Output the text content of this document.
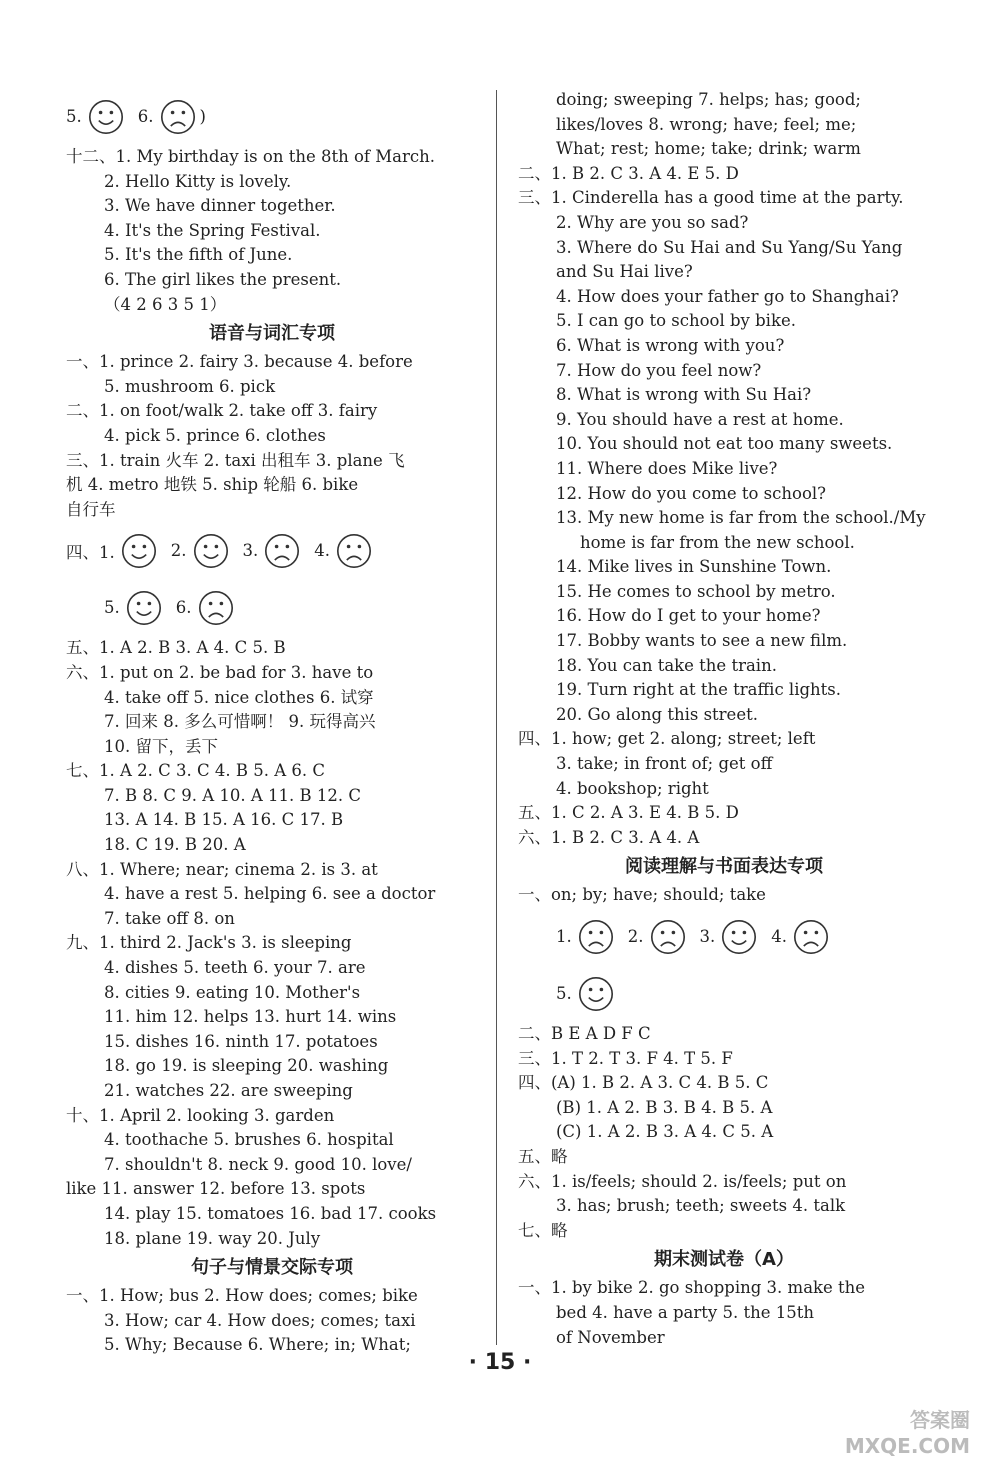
5.	6.	)
十二、1. My birthday is on the 8th of March.
2. Hello Kitty is lovely.
3. We have dinner together.
4. It's the Spring Festival.
5. It's the fifth of June.
6. The girl likes the present.
（4 2 6 3 5 1）
语音与词汇专项
一、1. prince 2. fairy 3. because 4. before
5. mushroom 6. pick
二、1. on foot/walk 2. take off 3. fairy
4. pick 5. prince 6. clothes
三、1. train 火车 2. taxi 出租车 3. plane 飞
机 4. metro 地铁 5. ship 轮船 6. bike
自行车
四、1.	2.	3.	4.
5.	6.
五、1. A 2. B 3. A 4. C 5. B
六、1. put on 2. be bad for 3. have to
4. take off 5. nice clothes 6. 试穿
7. 回来 8. 多么可惜啊！ 9. 玩得高兴
10. 留下，丢下
七、1. A 2. C 3. C 4. B 5. A 6. C
7. B 8. C 9. A 10. A 11. B 12. C
13. A 14. B 15. A 16. C 17. B
18. C 19. B 20. A
八、1. Where; near; cinema 2. is 3. at
4. have a rest 5. helping 6. see a doctor
7. take off 8. on
九、1. third 2. Jack's 3. is sleeping
4. dishes 5. teeth 6. your 7. are
8. cities 9. eating 10. Mother's
11. him 12. helps 13. hurt 14. wins
15. dishes 16. ninth 17. potatoes
18. go 19. is sleeping 20. washing
21. watches 22. are sweeping
十、1. April 2. looking 3. garden
4. toothache 5. brushes 6. hospital
7. shouldn't 8. neck 9. good 10. love/
like 11. answer 12. before 13. spots
14. play 15. tomatoes 16. bad 17. cooks
18. plane 19. way 20. July
句子与情景交际专项
一、1. How; bus 2. How does; comes; bike
3. How; car 4. How does; comes; taxi
5. Why; Because 6. Where; in; What;
doing; sweeping 7. helps; has; good;
likes/loves 8. wrong; have; feel; me;
What; rest; home; take; drink; warm
二、1. B 2. C 3. A 4. E 5. D
三、1. Cinderella has a good time at the party.
2. Why are you so sad?
3. Where do Su Hai and Su Yang/Su Yang
and Su Hai live?
4. How does your father go to Shanghai?
5. I can go to school by bike.
6. What is wrong with you?
7. How do you feel now?
8. What is wrong with Su Hai?
9. You should have a rest at home.
10. You should not eat too many sweets.
11. Where does Mike live?
12. How do you come to school?
13. My new home is far from the school./My
home is far from the new school.
14. Mike lives in Sunshine Town.
15. He comes to school by metro.
16. How do I get to your home?
17. Bobby wants to see a new film.
18. You can take the train.
19. Turn right at the traffic lights.
20. Go along this street.
四、1. how; get 2. along; street; left
3. take; in front of; get off
4. bookshop; right
五、1. C 2. A 3. E 4. B 5. D
六、1. B 2. C 3. A 4. A
阅读理解与书面表达专项
一、on; by; have; should; take
1.	2.	3.	4.
5.
二、B E A D F C
三、1. T 2. T 3. F 4. T 5. F
四、(A) 1. B 2. A 3. C 4. B 5. C
(B) 1. A 2. B 3. B 4. B 5. A
(C) 1. A 2. B 3. A 4. C 5. A
五、略
六、1. is/feels; should 2. is/feels; put on
3. has; brush; teeth; sweets 4. talk
七、略
期末测试卷（A）
一、1. by bike 2. go shopping 3. make the
bed 4. have a party 5. the 15th
of November
· 15 ·
答案圈
MXQE.COM
